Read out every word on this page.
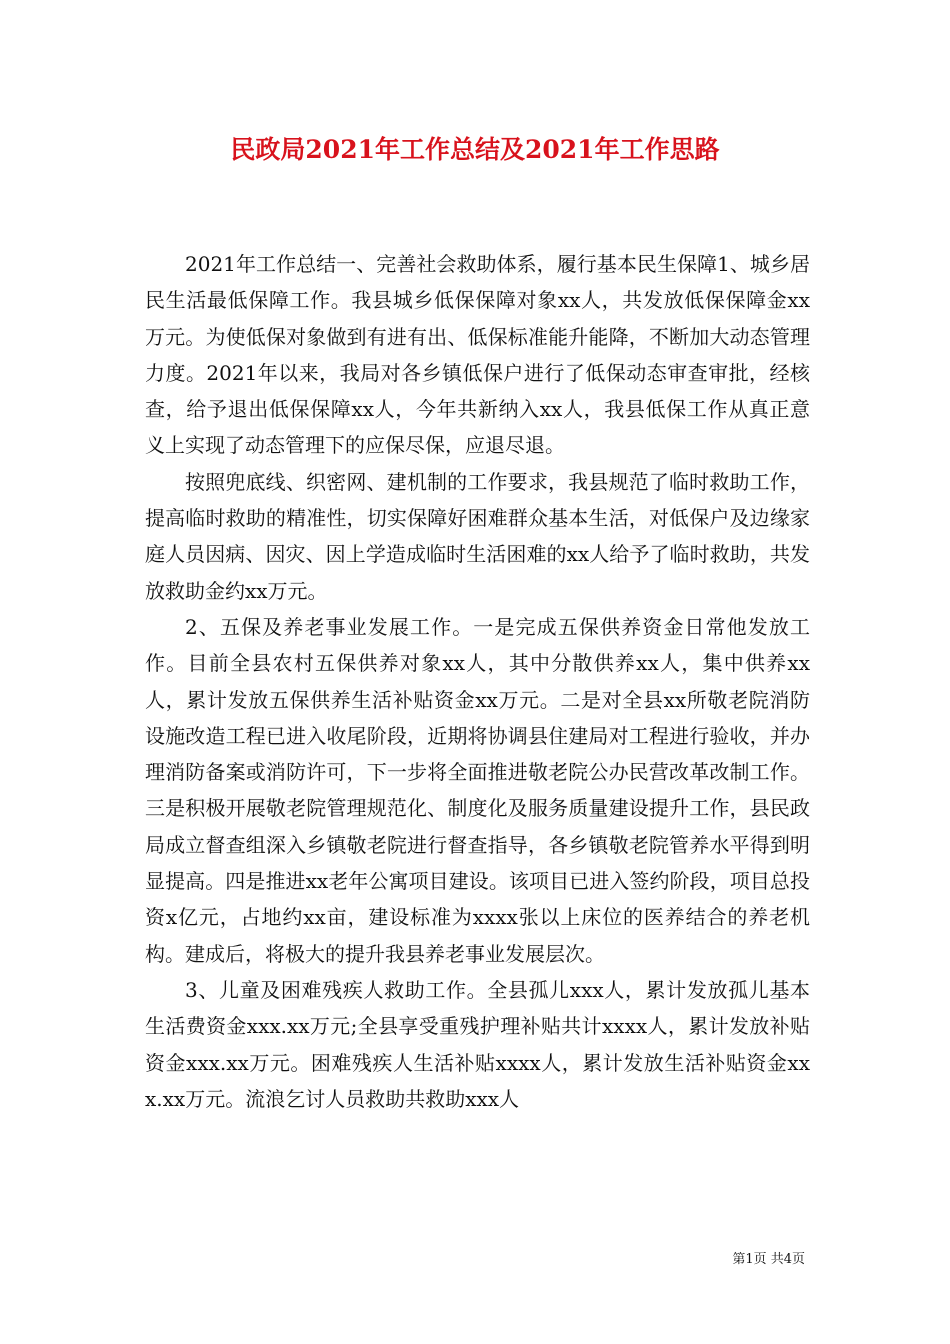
民政局2021年工作总结及2021年工作思路

2021年工作总结一、完善社会救助体系，履行基本民生保障1、城乡居民生活最低保障工作。我县城乡低保保障对象xx人，共发放低保保障金xx万元。为使低保对象做到有进有出、低保标准能升能降，不断加大动态管理力度。2021年以来，我局对各乡镇低保户进行了低保动态审查审批，经核查，给予退出低保保障xx人，今年共新纳入xx人，我县低保工作从真正意义上实现了动态管理下的应保尽保，应退尽退。

按照兜底线、织密网、建机制的工作要求，我县规范了临时救助工作，提高临时救助的精准性，切实保障好困难群众基本生活，对低保户及边缘家庭人员因病、因灾、因上学造成临时生活困难的xx人给予了临时救助，共发放救助金约xx万元。

2、五保及养老事业发展工作。一是完成五保供养资金日常他发放工作。目前全县农村五保供养对象xx人，其中分散供养xx人，集中供养xx人，累计发放五保供养生活补贴资金xx万元。二是对全县xx所敬老院消防设施改造工程已进入收尾阶段，近期将协调县住建局对工程进行验收，并办理消防备案或消防许可，下一步将全面推进敬老院公办民营改革改制工作。三是积极开展敬老院管理规范化、制度化及服务质量建设提升工作，县民政局成立督查组深入乡镇敬老院进行督查指导，各乡镇敬老院管养水平得到明显提高。四是推进xx老年公寓项目建设。该项目已进入签约阶段，项目总投资x亿元，占地约xx亩，建设标准为xxxx张以上床位的医养结合的养老机构。建成后，将极大的提升我县养老事业发展层次。

3、儿童及困难残疾人救助工作。全县孤儿xxx人，累计发放孤儿基本生活费资金xxx.xx万元;全县享受重残护理补贴共计xxxx人，累计发放补贴资金xxx.xx万元。困难残疾人生活补贴xxxx人，累计发放生活补贴资金xxx.xx万元。流浪乞讨人员救助共救助xxx人

第1页 共4页
